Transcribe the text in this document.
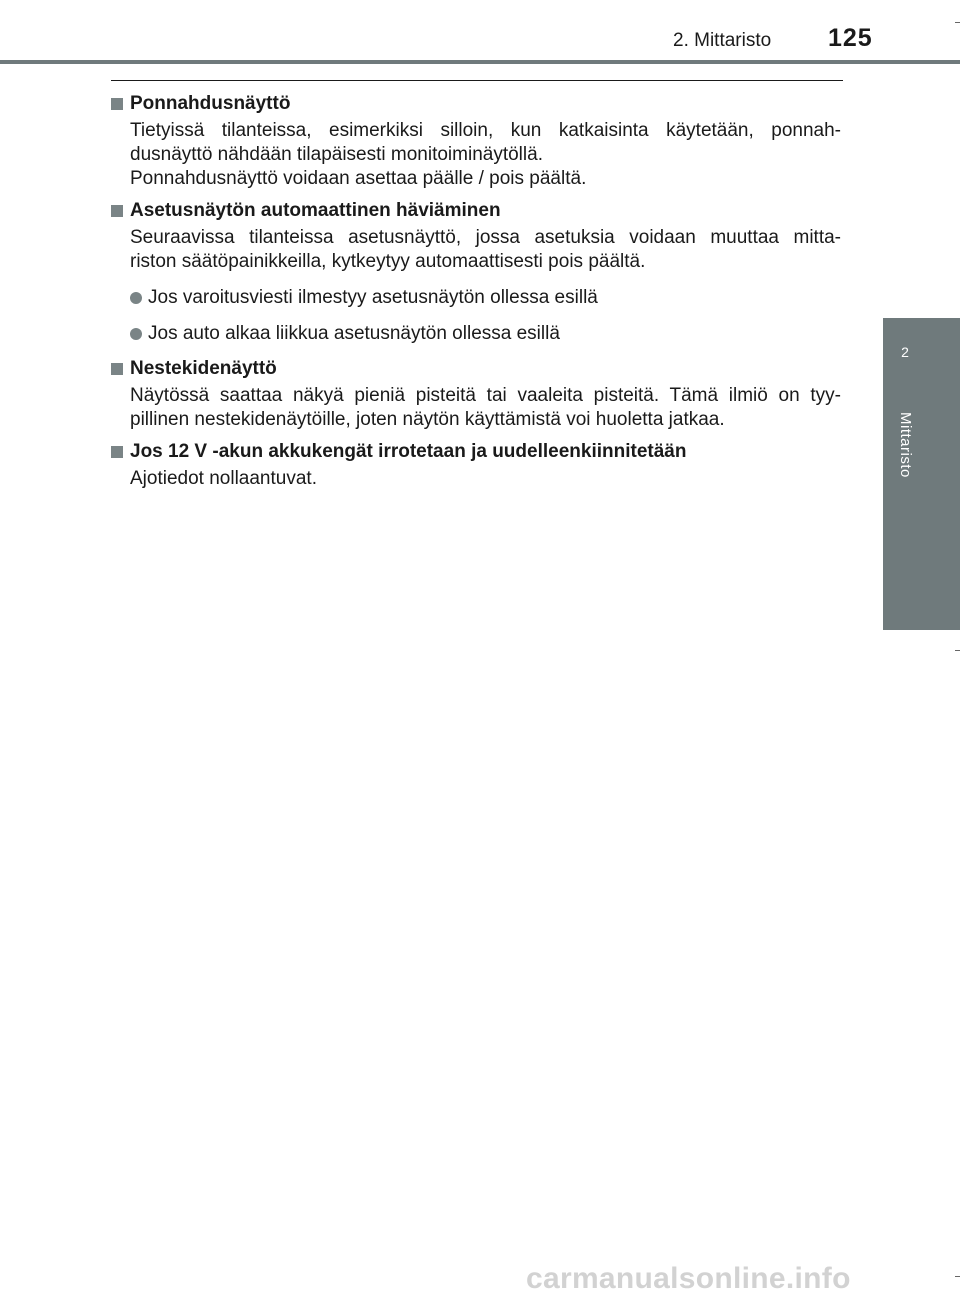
2. Mittaristo 125
2
Mittaristo
Ponnahdusnäyttö
Tietyissä tilanteissa, esimerkiksi silloin, kun katkaisinta käytetään, ponnah-
dusnäyttö nähdään tilapäisesti monitoiminäytöllä.
Ponnahdusnäyttö voidaan asettaa päälle / pois päältä.
Asetusnäytön automaattinen häviäminen
Seuraavissa tilanteissa asetusnäyttö, jossa asetuksia voidaan muuttaa mitta-
riston säätöpainikkeilla, kytkeytyy automaattisesti pois päältä.
Jos varoitusviesti ilmestyy asetusnäytön ollessa esillä
Jos auto alkaa liikkua asetusnäytön ollessa esillä
Nestekidenäyttö
Näytössä saattaa näkyä pieniä pisteitä tai vaaleita pisteitä. Tämä ilmiö on tyy-
pillinen nestekidenäytöille, joten näytön käyttämistä voi huoletta jatkaa.
Jos 12 V -akun akkukengät irrotetaan ja uudelleenkiinnitetään
Ajotiedot nollaantuvat.
carmanualsonline.info
